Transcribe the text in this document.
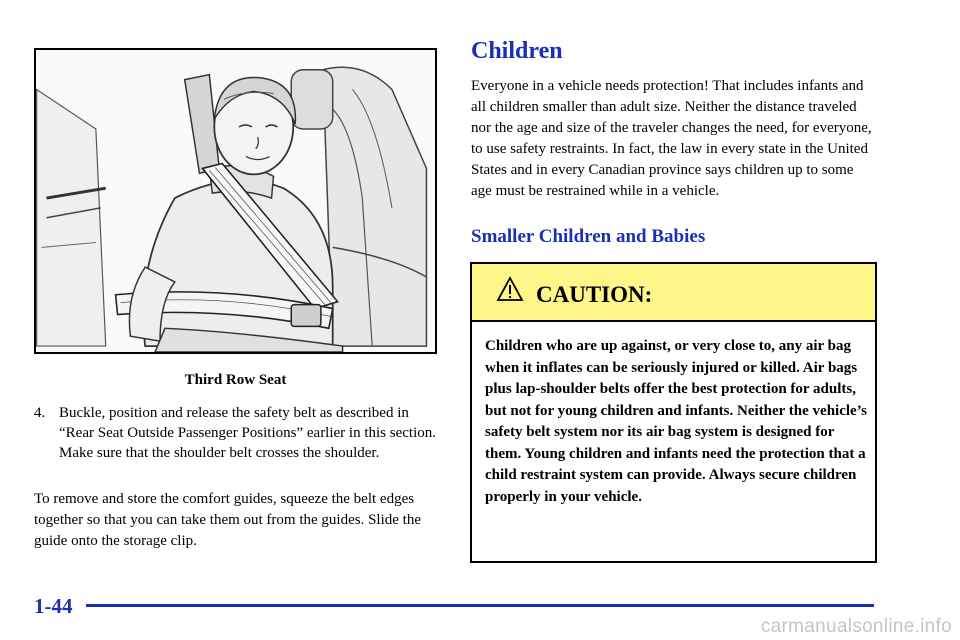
Third Row Seat
4. Buckle, position and release the safety belt as described in “Rear Seat Outside Passenger Positions” earlier in this section. Make sure that the shoulder belt crosses the shoulder.
To remove and store the comfort guides, squeeze the belt edges together so that you can take them out from the guides. Slide the guide onto the storage clip.
Children
Everyone in a vehicle needs protection! That includes infants and all children smaller than adult size. Neither the distance traveled nor the age and size of the traveler changes the need, for everyone, to use safety restraints. In fact, the law in every state in the United States and in every Canadian province says children up to some age must be restrained while in a vehicle.
Smaller Children and Babies
CAUTION:
Children who are up against, or very close to, any air bag when it inflates can be seriously injured or killed. Air bags plus lap-shoulder belts offer the best protection for adults, but not for young children and infants. Neither the vehicle’s safety belt system nor its air bag system is designed for them. Young children and infants need the protection that a child restraint system can provide. Always secure children properly in your vehicle.
1-44
carmanualsonline.info
